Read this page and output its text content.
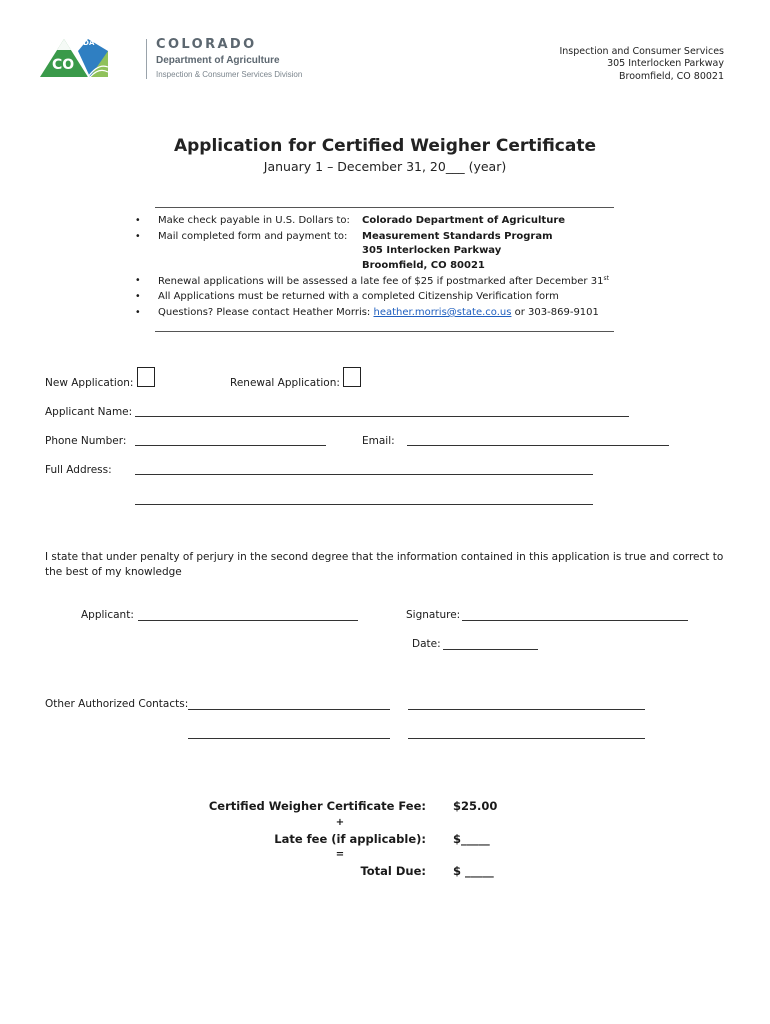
CDA
CO
COLORADO
Department of Agriculture
Inspection & Consumer Services Division
Inspection and Consumer Services
305 Interlocken Parkway
Broomfield, CO 80021
Application for Certified Weigher Certificate
January 1 – December 31, 20___ (year)
• Make check payable in U.S. Dollars to: Colorado Department of Agriculture
• Mail completed form and payment to: Measurement Standards Program
305 Interlocken Parkway
Broomfield, CO 80021
• Renewal applications will be assessed a late fee of $25 if postmarked after December 31st
• All Applications must be returned with a completed Citizenship Verification form
• Questions? Please contact Heather Morris: heather.morris@state.co.us or 303-869-9101
New Application:	Renewal Application:
Applicant Name:
Phone Number:	Email:
Full Address:
I state that under penalty of perjury in the second degree that the information contained in this application is true and correct to the best of my knowledge
Applicant:	Signature:
Date:
Other Authorized Contacts:
Certified Weigher Certificate Fee: $25.00
+
Late fee (if applicable): $_____
=
Total Due: $ _____
